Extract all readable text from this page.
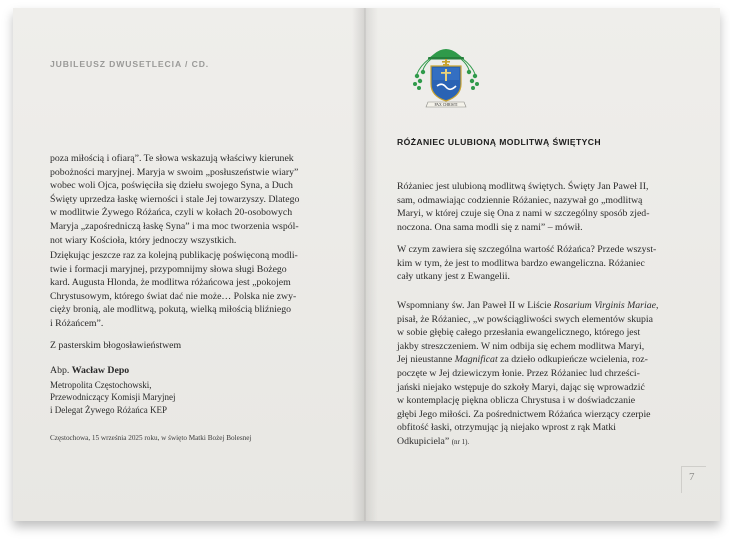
JUBILEUSZ DWUSETLECIA / CD.

poza miłością i ofiarą”. Te słowa wskazują właściwy kierunek

pobożności maryjnej. Maryja w swoim „posłuszeństwie wiary”

wobec woli Ojca, poświęciła się dziełu swojego Syna, a Duch

Święty uprzedza łaskę wierności i stale Jej towarzyszy. Dlatego

w modlitwie Żywego Różańca, czyli w kołach 20-osobowych

Maryja „zapośredniczą łaskę Syna” i ma moc tworzenia wspól-

not wiary Kościoła, który jednoczy wszystkich.

Dziękując jeszcze raz za kolejną publikację poświęconą modli-

twie i formacji maryjnej, przypomnijmy słowa sługi Bożego

kard. Augusta Hlonda, że modlitwa różańcowa jest „pokojem

Chrystusowym, którego świat dać nie może… Polska nie zwy-

cięży bronią, ale modlitwą, pokutą, wielką miłością bliźniego

i Różańcem”.

Z pasterskim błogosławieństwem
Abp. Wacław Depo
Metropolita Częstochowski,
Przewodniczący Komisji Maryjnej
i Delegat Żywego Różańca KEP
Częstochowa, 15 września 2025 roku, w święto Matki Bożej Bolesnej
PAX CHRISTI
RÓŻANIEC ULUBIONĄ MODLITWĄ ŚWIĘTYCH

Różaniec jest ulubioną modlitwą świętych. Święty Jan Paweł II,

sam, odmawiając codziennie Różaniec, nazywał go „modlitwą

Maryi, w której czuje się Ona z nami w szczególny sposób zjed-

noczona. Ona sama modli się z nami” – mówił.

W czym zawiera się szczególna wartość Różańca? Przede wszyst-

kim w tym, że jest to modlitwa bardzo ewangeliczna. Różaniec

cały utkany jest z Ewangelii.

Wspomniany św. Jan Paweł II w Liście Rosarium Virginis Mariae,

pisał, że Różaniec, „w powściągliwości swych elementów skupia

w sobie głębię całego przesłania ewangelicznego, którego jest

jakby streszczeniem. W nim odbija się echem modlitwa Maryi,

Jej nieustanne Magnificat za dzieło odkupieńcze wcielenia, roz-

poczęte w Jej dziewiczym łonie. Przez Różaniec lud chrześci-

jański niejako wstępuje do szkoły Maryi, dając się wprowadzić

w kontemplację piękna oblicza Chrystusa i w doświadczanie

głębi Jego miłości. Za pośrednictwem Różańca wierzący czerpie

obfitość łaski, otrzymując ją niejako wprost z rąk Matki

Odkupiciela” (nr 1).

7
